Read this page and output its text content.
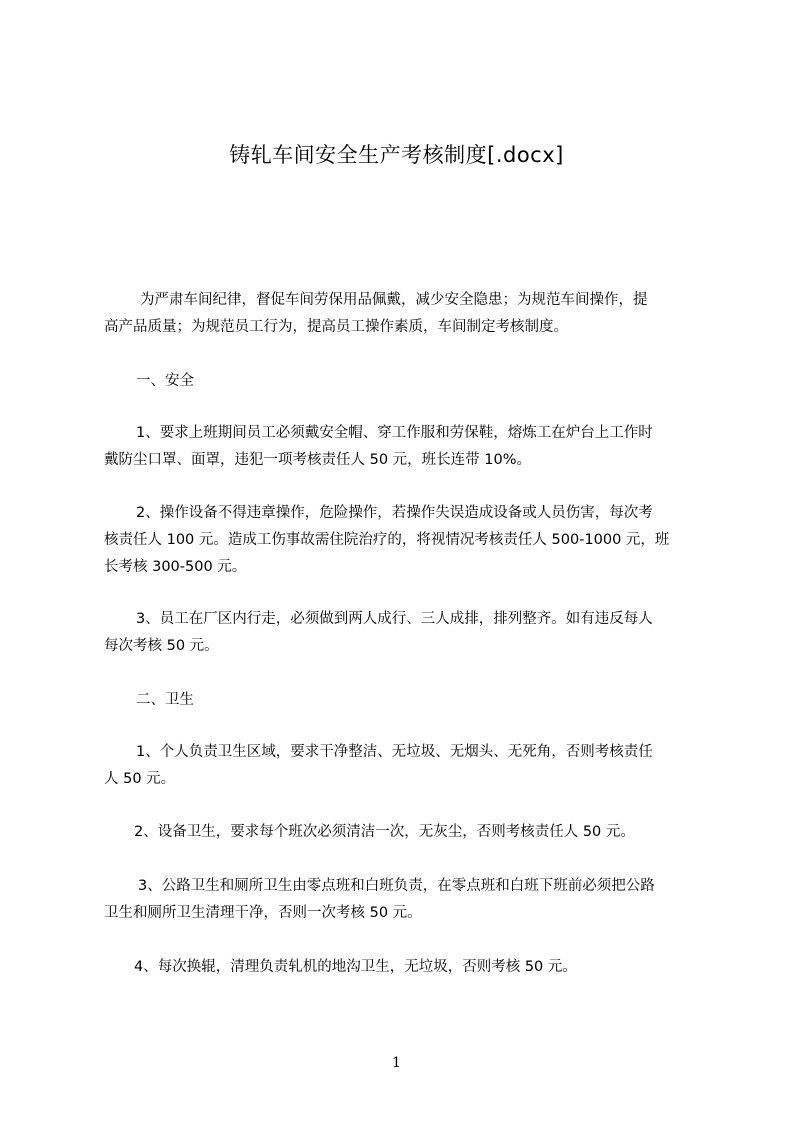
铸轧车间安全生产考核制度[.docx]
为严肃车间纪律，督促车间劳保用品佩戴，减少安全隐患；为规范车间操作，提
高产品质量；为规范员工行为，提高员工操作素质，车间制定考核制度。
一、安全
1、要求上班期间员工必须戴安全帽、穿工作服和劳保鞋，熔炼工在炉台上工作时
戴防尘口罩、面罩，违犯一项考核责任人 50 元，班长连带 10%。
2、操作设备不得违章操作，危险操作，若操作失误造成设备或人员伤害，每次考
核责任人 100 元。造成工伤事故需住院治疗的，将视情况考核责任人 500-1000 元，班
长考核 300-500 元。
3、员工在厂区内行走，必须做到两人成行、三人成排，排列整齐。如有违反每人
每次考核 50 元。
二、卫生
1、个人负责卫生区域，要求干净整洁、无垃圾、无烟头、无死角，否则考核责任
人 50 元。
2、设备卫生，要求每个班次必须清洁一次，无灰尘，否则考核责任人 50 元。
3、公路卫生和厕所卫生由零点班和白班负责，在零点班和白班下班前必须把公路
卫生和厕所卫生清理干净，否则一次考核 50 元。
4、每次换辊，清理负责轧机的地沟卫生，无垃圾，否则考核 50 元。
1
